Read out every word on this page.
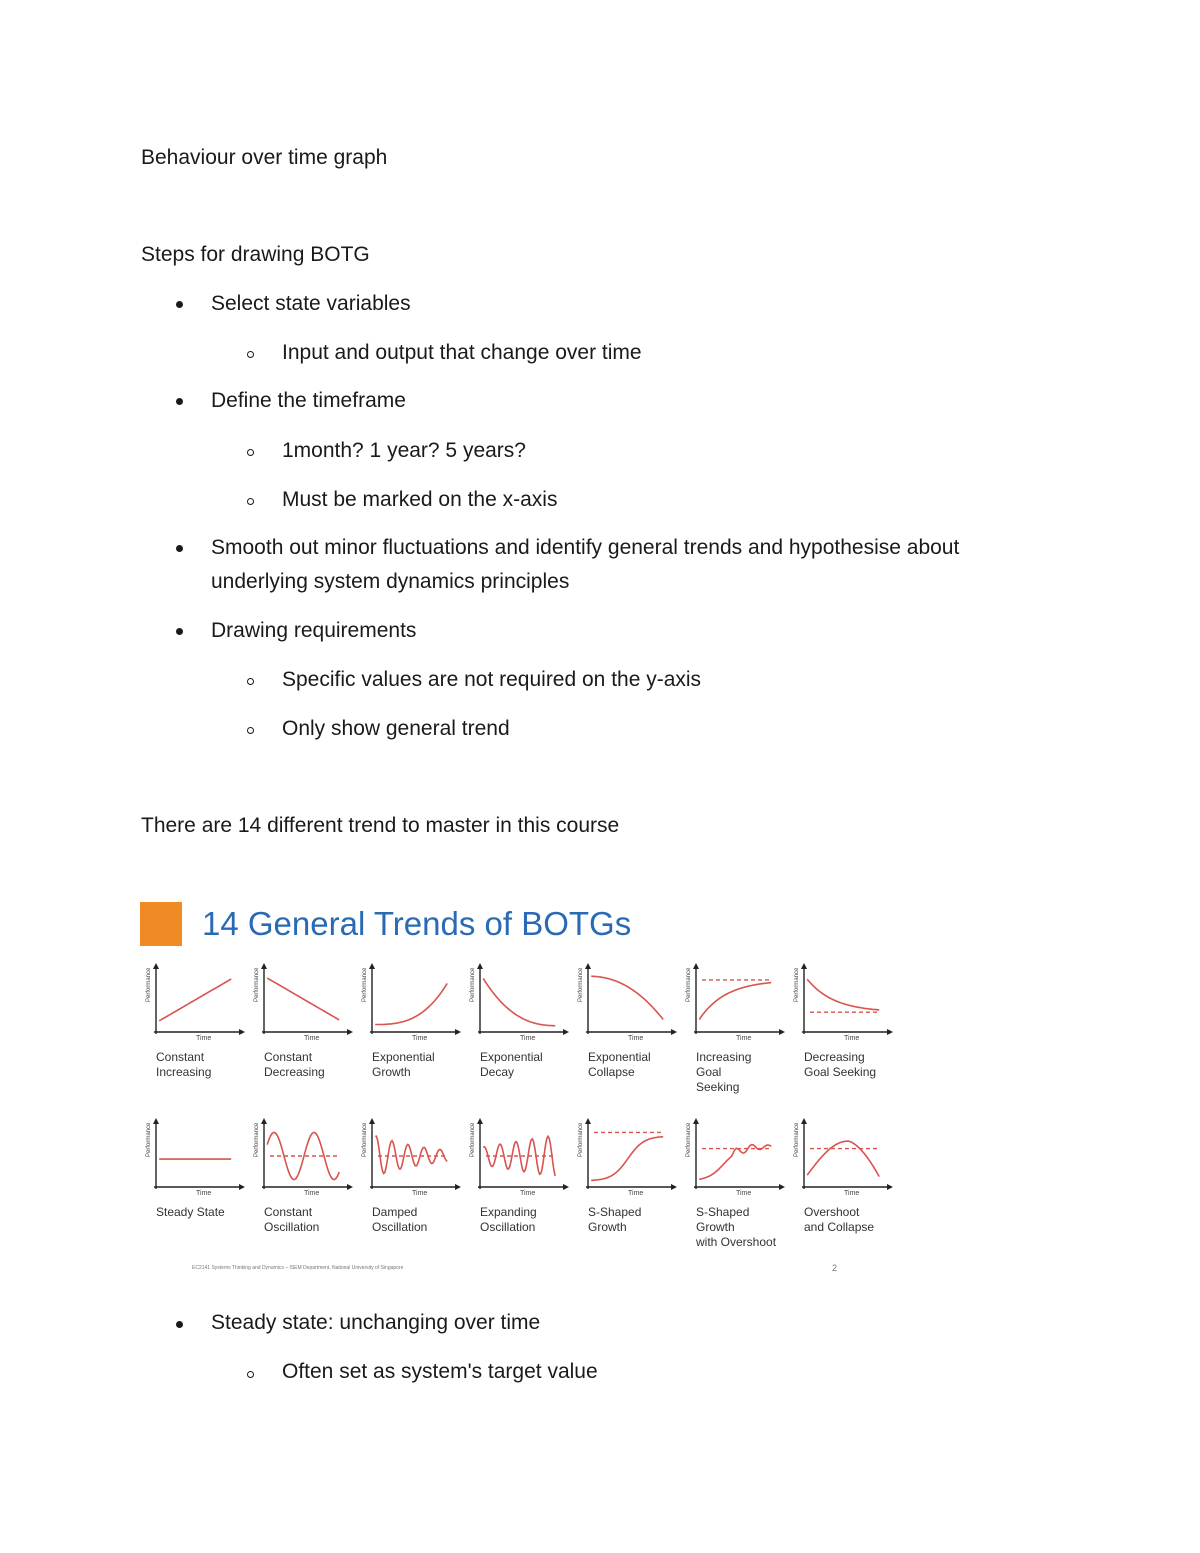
Behaviour over time graph
Steps for drawing BOTG
Select state variables
Input and output that change over time
Define the timeframe
1month? 1 year? 5 years?
Must be marked on the x-axis
Smooth out minor fluctuations and identify general trends and hypothesise about
underlying system dynamics principles
Drawing requirements
Specific values are not required on the y-axis
Only show general trend
There are 14 different trend to master in this course
14 General Trends of BOTGs
Performance
Time
Constant
Increasing
Performance
Time
Constant
Decreasing
Performance
Time
Exponential
Growth
Performance
Time
Exponential
Decay
Performance
Time
Exponential
Collapse
Performance
Time
Increasing Goal
Seeking
Performance
Time
Decreasing
Goal Seeking
Performance
Time
Steady State

Performance
Time
Constant
Oscillation
Performance
Time
Damped
Oscillation
Performance
Time
Expanding
Oscillation
Performance
Time
S-Shaped
Growth
Performance
Time
S-Shaped Growth
with Overshoot
Performance
Time
Overshoot
and Collapse
EC2141 Systems Thinking and Dynamics – ISEM Department, National University of Singapore	2
Steady state: unchanging over time
Often set as system's target value
